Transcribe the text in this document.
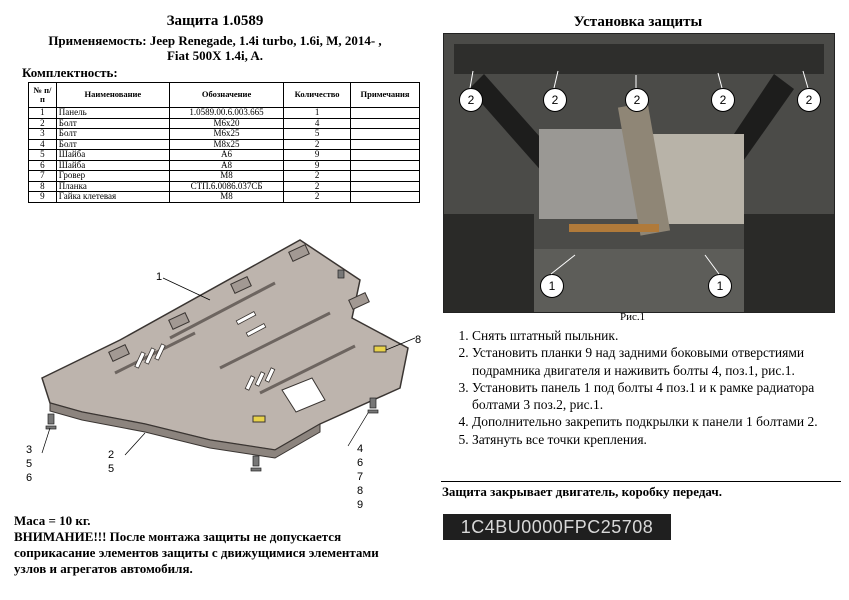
Защита 1.0589
Применяемость: Jeep Renegade, 1.4i turbo, 1.6i, M, 2014- ,
Fiat 500X 1.4i, A.
Комплектность:
№ п/п	Наименование	Обозначение	Количество	Примечания
1	Панель	1.0589.00.6.003.665	1	
2	Болт	М6х20	4	
3	Болт	М6х25	5	
4	Болт	М8х25	2	
5	Шайба	А6	9	
6	Шайба	А8	9	
7	Гровер	М8	2	
8	Планка	СТП.6.0086.037СБ	2	
9	Гайка клетевая	М8	2	
1
8
3
5
6
2
5
4
6
7
8
9
Маса = 10 кг.
ВНИМАНИЕ!!! После монтажа защиты не допускается соприкасание элементов защиты с движущимися элементами узлов и агрегатов автомобиля.
Установка защиты
2	2	2	2	2
1	1
Рис.1
1. Снять штатный пыльник.
2. Установить планки 9 над задними боковыми отверстиями подрамника двигателя и наживить болты 4, поз.1, рис.1.
3. Установить панель 1 под болты 4 поз.1 и к рамке радиатора болтами 3 поз.2, рис.1.
4. Дополнительно закрепить подкрылки к панели 1 болтами 2.
5. Затянуть все точки крепления.
Защита закрывает двигатель, коробку передач.
1C4BU0000FPC25708
